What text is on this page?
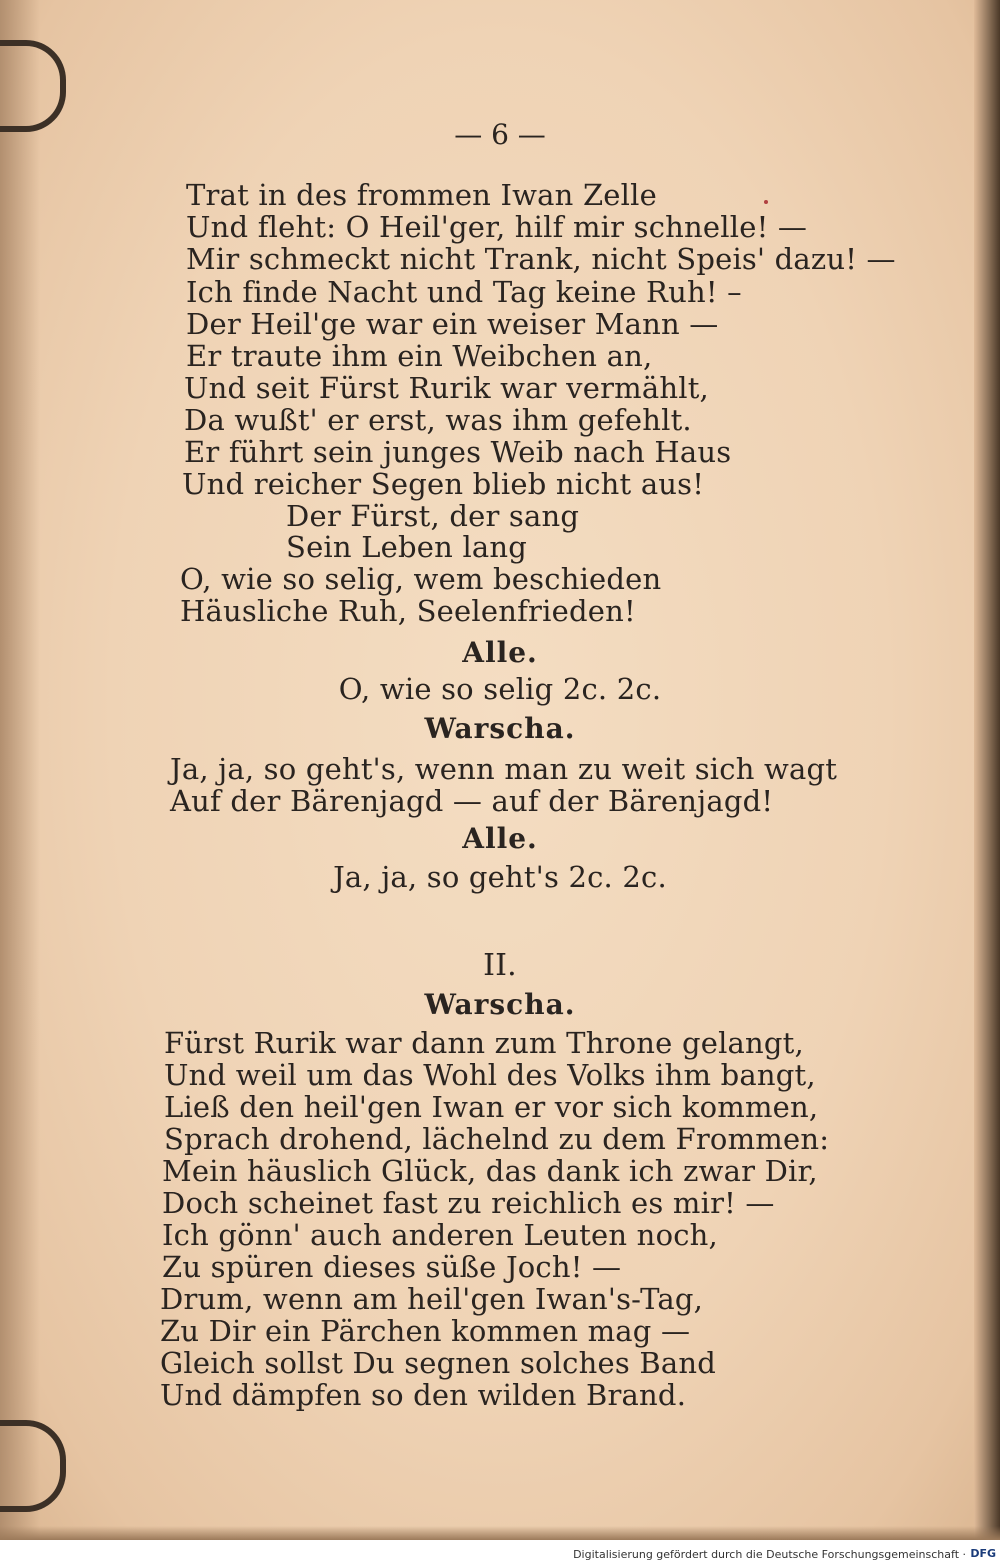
— 6 —
Trat in des frommen Iwan Zelle
Und fleht: O Heil'ger, hilf mir schnelle! —
Mir schmeckt nicht Trank, nicht Speis' dazu! —
Ich finde Nacht und Tag keine Ruh! –
Der Heil'ge war ein weiser Mann —
Er traute ihm ein Weibchen an,
Und seit Fürst Rurik war vermählt,
Da wußt' er erst, was ihm gefehlt.
Er führt sein junges Weib nach Haus
Und reicher Segen blieb nicht aus!
Der Fürst, der sang
Sein Leben lang
O, wie so selig, wem beschieden
Häusliche Ruh, Seelenfrieden!
Alle.
O, wie so selig 2c. 2c.
Warscha.
Ja, ja, so geht's, wenn man zu weit sich wagt
Auf der Bärenjagd — auf der Bärenjagd!
Alle.
Ja, ja, so geht's 2c. 2c.
II.
Warscha.
Fürst Rurik war dann zum Throne gelangt,
Und weil um das Wohl des Volks ihm bangt,
Ließ den heil'gen Iwan er vor sich kommen,
Sprach drohend, lächelnd zu dem Frommen:
Mein häuslich Glück, das dank ich zwar Dir,
Doch scheinet fast zu reichlich es mir! —
Ich gönn' auch anderen Leuten noch,
Zu spüren dieses süße Joch! —
Drum, wenn am heil'gen Iwan's-Tag,
Zu Dir ein Pärchen kommen mag —
Gleich sollst Du segnen solches Band
Und dämpfen so den wilden Brand.
Digitalisierung gefördert durch die Deutsche Forschungsgemeinschaft · DFG
